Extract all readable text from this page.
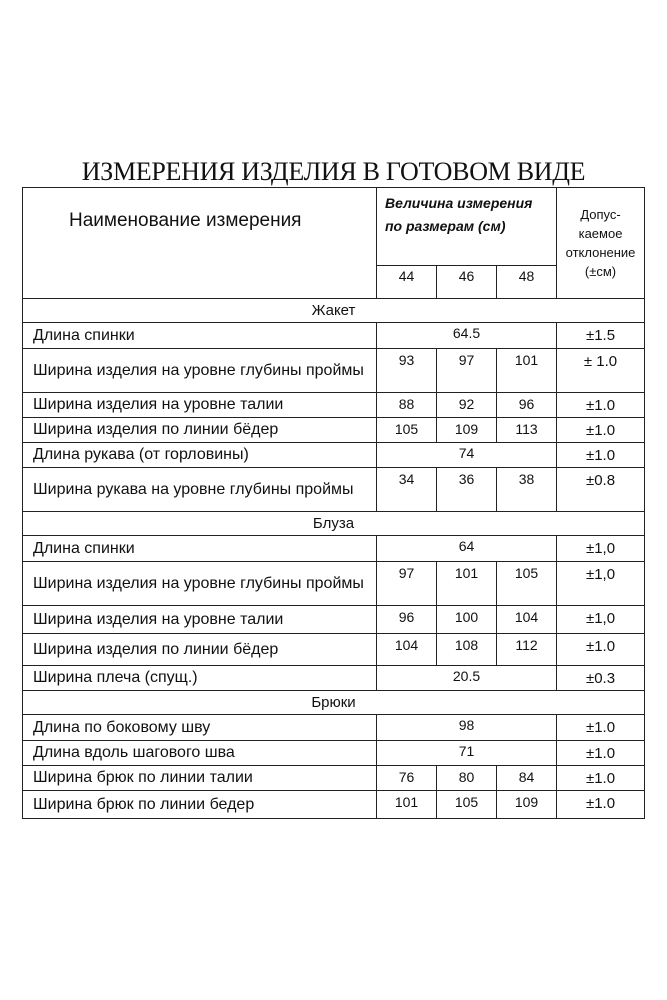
ИЗМЕРЕНИЯ ИЗДЕЛИЯ В ГОТОВОМ ВИДЕ
Наименование измерения	Величина измерения по размерам (см)			Допус-каемое отклонение (±см)
	44	46	48	
Жакет				
Длина спинки	64.5			±1.5
Ширина изделия на уровне глубины проймы	93	97	101	± 1.0
Ширина изделия на уровне талии	88	92	96	±1.0
Ширина изделия по линии бёдер	105	109	113	±1.0
Длина рукава (от горловины)	74			±1.0
Ширина рукава на уровне глубины проймы	34	36	38	±0.8
Блуза				
Длина спинки	64			±1,0
Ширина изделия на уровне глубины проймы	97	101	105	±1,0
Ширина изделия на уровне талии	96	100	104	±1,0
Ширина изделия по линии бёдер	104	108	112	±1.0
Ширина плеча (спущ.)	20.5			±0.3
Брюки				
Длина по боковому шву	98			±1.0
Длина вдоль шагового шва	71			±1.0
Ширина брюк по линии талии	76	80	84	±1.0
Ширина брюк по линии бедер	101	105	109	±1.0
